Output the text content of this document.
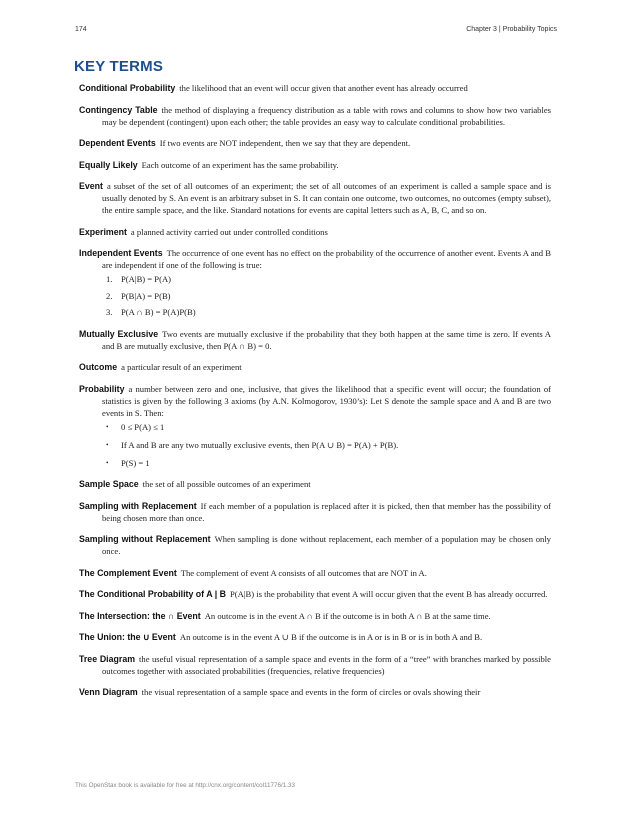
174	Chapter 3 | Probability Topics
KEY TERMS
Conditional Probability the likelihood that an event will occur given that another event has already occurred
Contingency Table the method of displaying a frequency distribution as a table with rows and columns to show how two variables may be dependent (contingent) upon each other; the table provides an easy way to calculate conditional probabilities.
Dependent Events If two events are NOT independent, then we say that they are dependent.
Equally Likely Each outcome of an experiment has the same probability.
Event a subset of the set of all outcomes of an experiment; the set of all outcomes of an experiment is called a sample space and is usually denoted by S. An event is an arbitrary subset in S. It can contain one outcome, two outcomes, no outcomes (empty subset), the entire sample space, and the like. Standard notations for events are capital letters such as A, B, C, and so on.
Experiment a planned activity carried out under controlled conditions
Independent Events The occurrence of one event has no effect on the probability of the occurrence of another event. Events A and B are independent if one of the following is true:
1. P(A|B) = P(A)
2. P(B|A) = P(B)
3. P(A ∩ B) = P(A)P(B)
Mutually Exclusive Two events are mutually exclusive if the probability that they both happen at the same time is zero. If events A and B are mutually exclusive, then P(A ∩ B) = 0.
Outcome a particular result of an experiment
Probability a number between zero and one, inclusive, that gives the likelihood that a specific event will occur; the foundation of statistics is given by the following 3 axioms (by A.N. Kolmogorov, 1930’s): Let S denote the sample space and A and B are two events in S. Then:
•	0 ≤ P(A) ≤ 1
•	If A and B are any two mutually exclusive events, then P(A ∪ B) = P(A) + P(B).
•	P(S) = 1
Sample Space the set of all possible outcomes of an experiment
Sampling with Replacement If each member of a population is replaced after it is picked, then that member has the possibility of being chosen more than once.
Sampling without Replacement When sampling is done without replacement, each member of a population may be chosen only once.
The Complement Event The complement of event A consists of all outcomes that are NOT in A.
The Conditional Probability of A | B P(A|B) is the probability that event A will occur given that the event B has already occurred.
The Intersection: the ∩ Event An outcome is in the event A ∩ B if the outcome is in both A ∩ B at the same time.
The Union: the ∪ Event An outcome is in the event A ∪ B if the outcome is in A or is in B or is in both A and B.
Tree Diagram the useful visual representation of a sample space and events in the form of a “tree” with branches marked by possible outcomes together with associated probabilities (frequencies, relative frequencies)
Venn Diagram the visual representation of a sample space and events in the form of circles or ovals showing their
This OpenStax book is available for free at http://cnx.org/content/col11776/1.33
